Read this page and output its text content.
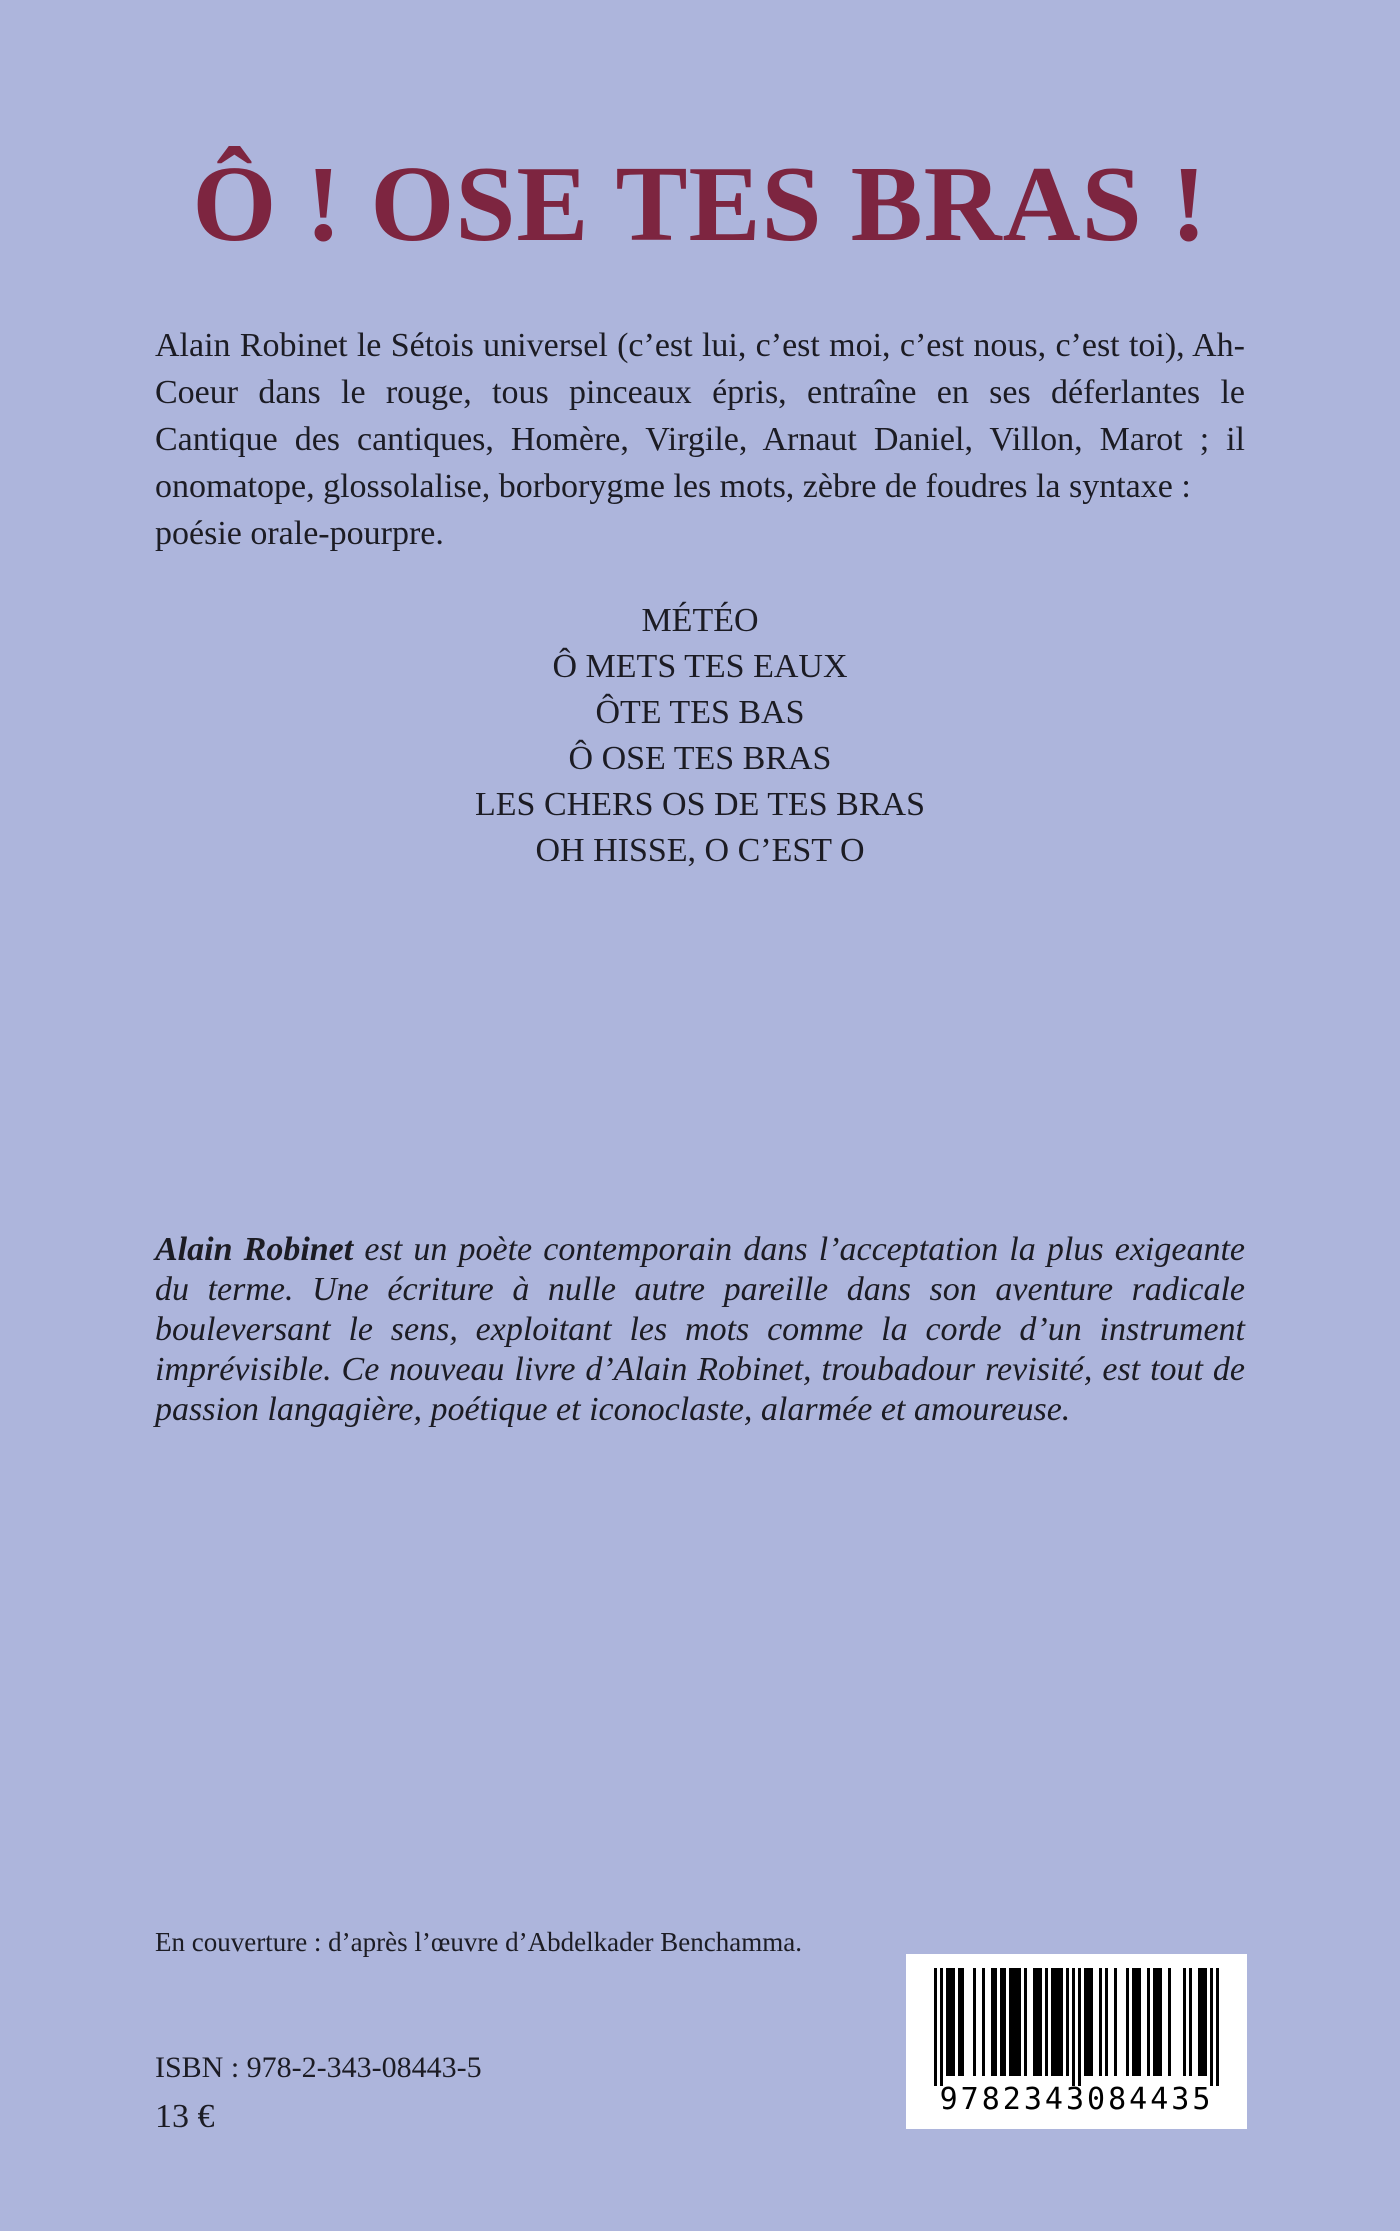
Ô ! OSE TES BRAS !

Alain Robinet le Sétois universel (c’est lui, c’est moi, c’est nous, c’est toi), Ah-Coeur dans le rouge, tous pinceaux épris, entraîne en ses déferlantes le Cantique des cantiques, Homère, Virgile, Arnaut Daniel, Villon, Marot ; il onomatope, glossolalise, borborygme les mots, zèbre de foudres la syntaxe :
poésie orale-pourpre.

MÉTÉO
Ô METS TES EAUX
ÔTE TES BAS
Ô OSE TES BRAS
LES CHERS OS DE TES BRAS
OH HISSE, O C’EST O

Alain Robinet est un poète contemporain dans l’acceptation la plus exigeante du terme. Une écriture à nulle autre pareille dans son aventure radicale bouleversant le sens, exploitant les mots comme la corde d’un instrument imprévisible. Ce nouveau livre d’Alain Robinet, troubadour revisité, est tout de passion langagière, poétique et iconoclaste, alarmée et amoureuse.

En couverture : d’après l’œuvre d’Abdelkader Benchamma.

ISBN : 978-2-343-08443-5

13 €	9782343084435
